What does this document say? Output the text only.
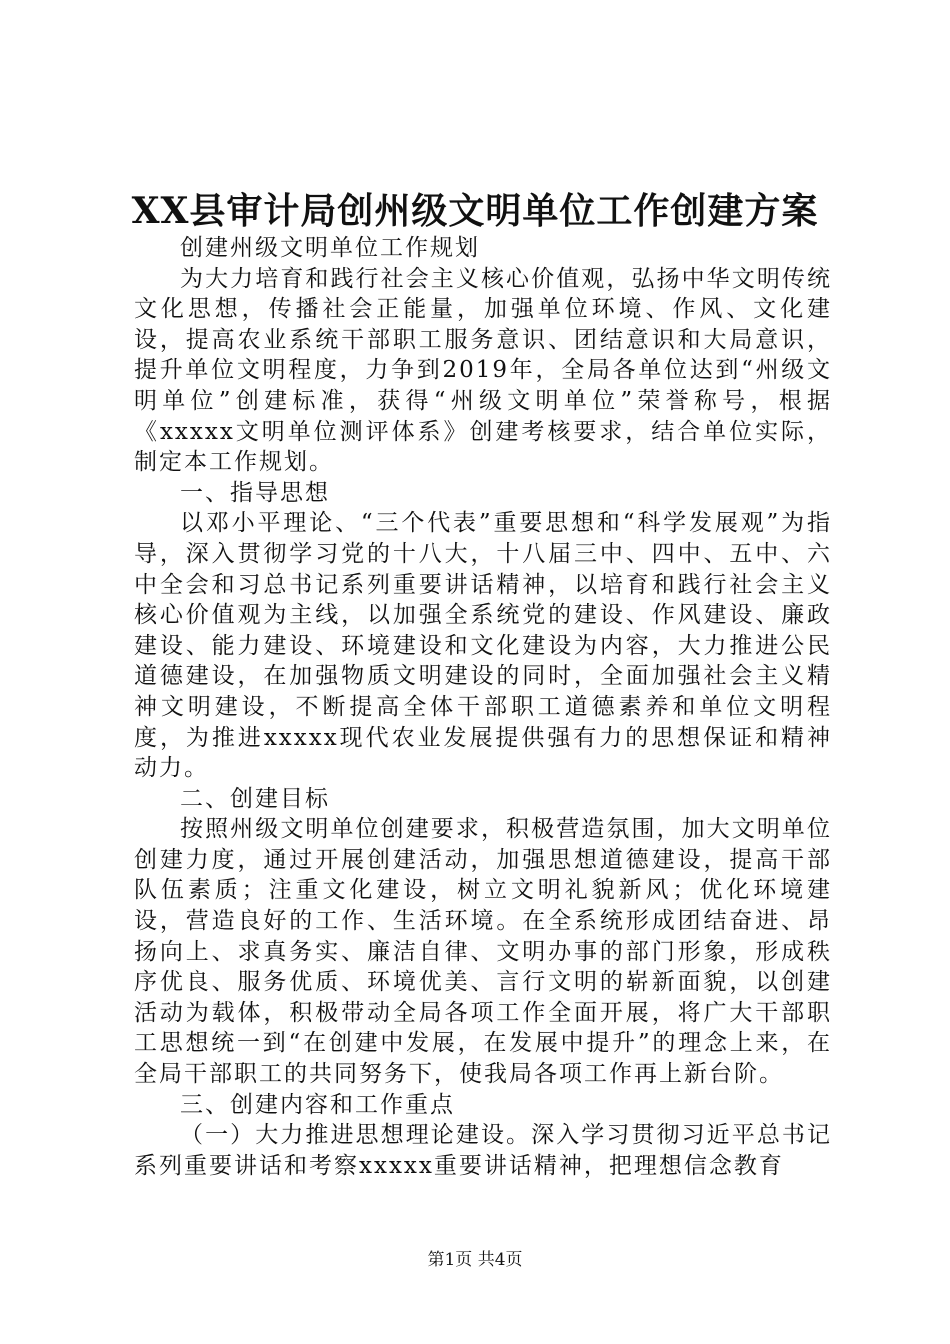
XX县审计局创州级文明单位工作创建方案

创建州级文明单位工作规划

为大力培育和践行社会主义核心价值观，弘扬中华文明传统文化思想，传播社会正能量，加强单位环境、作风、文化建设，提高农业系统干部职工服务意识、团结意识和大局意识，提升单位文明程度，力争到2019年，全局各单位达到“州级文明单位”创建标准，获得“州级文明单位”荣誉称号，根据《xxxxx文明单位测评体系》创建考核要求，结合单位实际，制定本工作规划。

一、指导思想

以邓小平理论、“三个代表”重要思想和“科学发展观”为指导，深入贯彻学习党的十八大，十八届三中、四中、五中、六中全会和习总书记系列重要讲话精神，以培育和践行社会主义核心价值观为主线，以加强全系统党的建设、作风建设、廉政建设、能力建设、环境建设和文化建设为内容，大力推进公民道德建设，在加强物质文明建设的同时，全面加强社会主义精神文明建设，不断提高全体干部职工道德素养和单位文明程度，为推进xxxxx现代农业发展提供强有力的思想保证和精神动力。

二、创建目标

按照州级文明单位创建要求，积极营造氛围，加大文明单位创建力度，通过开展创建活动，加强思想道德建设，提高干部队伍素质；注重文化建设，树立文明礼貌新风；优化环境建设，营造良好的工作、生活环境。在全系统形成团结奋进、昂扬向上、求真务实、廉洁自律、文明办事的部门形象，形成秩序优良、服务优质、环境优美、言行文明的崭新面貌，以创建活动为载体，积极带动全局各项工作全面开展，将广大干部职工思想统一到“在创建中发展，在发展中提升”的理念上来，在全局干部职工的共同努务下，使我局各项工作再上新台阶。

三、创建内容和工作重点

（一）大力推进思想理论建设。深入学习贯彻习近平总书记系列重要讲话和考察xxxxx重要讲话精神，把理想信念教育

第1页 共4页
